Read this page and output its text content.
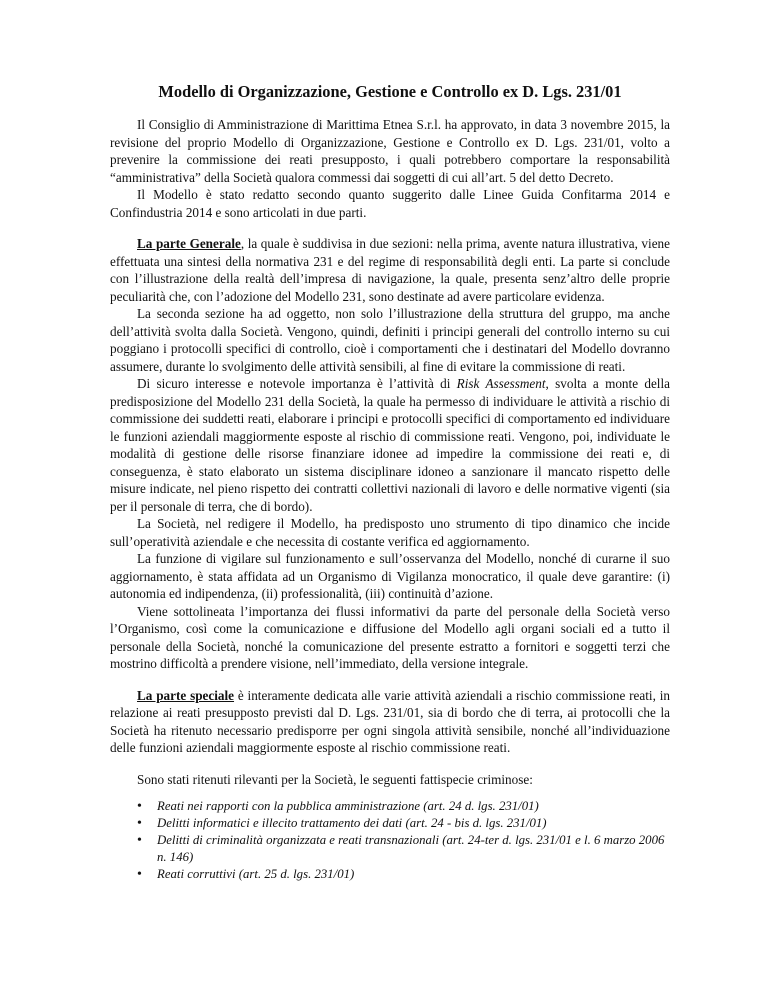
Modello di Organizzazione, Gestione e Controllo ex D. Lgs. 231/01

Il Consiglio di Amministrazione di Marittima Etnea S.r.l. ha approvato, in data 3 novembre 2015, la revisione del proprio Modello di Organizzazione, Gestione e Controllo ex D. Lgs. 231/01, volto a prevenire la commissione dei reati presupposto, i quali potrebbero comportare la responsabilità “amministrativa” della Società qualora commessi dai soggetti di cui all’art. 5 del detto Decreto.

Il Modello è stato redatto secondo quanto suggerito dalle Linee Guida Confitarma 2014 e Confindustria 2014 e sono articolati in due parti.

La parte Generale, la quale è suddivisa in due sezioni: nella prima, avente natura illustrativa, viene effettuata una sintesi della normativa 231 e del regime di responsabilità degli enti. La parte si conclude con l’illustrazione della realtà dell’impresa di navigazione, la quale, presenta senz’altro delle proprie peculiarità che, con l’adozione del Modello 231, sono destinate ad avere particolare evidenza.

La seconda sezione ha ad oggetto, non solo l’illustrazione della struttura del gruppo, ma anche dell’attività svolta dalla Società. Vengono, quindi, definiti i principi generali del controllo interno su cui poggiano i protocolli specifici di controllo, cioè i comportamenti che i destinatari del Modello dovranno assumere, durante lo svolgimento delle attività sensibili, al fine di evitare la commissione di reati.

Di sicuro interesse e notevole importanza è l’attività di Risk Assessment, svolta a monte della predisposizione del Modello 231 della Società, la quale ha permesso di individuare le attività a rischio di commissione dei suddetti reati, elaborare i principi e protocolli specifici di comportamento ed individuare le funzioni aziendali maggiormente esposte al rischio di commissione reati. Vengono, poi, individuate le modalità di gestione delle risorse finanziare idonee ad impedire la commissione dei reati e, di conseguenza, è stato elaborato un sistema disciplinare idoneo a sanzionare il mancato rispetto delle misure indicate, nel pieno rispetto dei contratti collettivi nazionali di lavoro e delle normative vigenti (sia per il personale di terra, che di bordo).

La Società, nel redigere il Modello, ha predisposto uno strumento di tipo dinamico che incide sull’operatività aziendale e che necessita di costante verifica ed aggiornamento.

La funzione di vigilare sul funzionamento e sull’osservanza del Modello, nonché di curarne il suo aggiornamento, è stata affidata ad un Organismo di Vigilanza monocratico, il quale deve garantire: (i) autonomia ed indipendenza, (ii) professionalità, (iii) continuità d’azione.

Viene sottolineata l’importanza dei flussi informativi da parte del personale della Società verso l’Organismo, così come la comunicazione e diffusione del Modello agli organi sociali ed a tutto il personale della Società, nonché la comunicazione del presente estratto a fornitori e soggetti terzi che mostrino difficoltà a prendere visione, nell’immediato, della versione integrale.

La parte speciale è interamente dedicata alle varie attività aziendali a rischio commissione reati, in relazione ai reati presupposto previsti dal D. Lgs. 231/01, sia di bordo che di terra, ai protocolli che la Società ha ritenuto necessario predisporre per ogni singola attività sensibile, nonché all’individuazione delle funzioni aziendali maggiormente esposte al rischio commissione reati.

Sono stati ritenuti rilevanti per la Società, le seguenti fattispecie criminose:

• Reati nei rapporti con la pubblica amministrazione (art. 24 d. lgs. 231/01)
• Delitti informatici e illecito trattamento dei dati (art. 24 - bis d. lgs. 231/01)
• Delitti di criminalità organizzata e reati transnazionali (art. 24-ter d. lgs. 231/01 e l. 6 marzo 2006 n. 146)
• Reati corruttivi (art. 25 d. lgs. 231/01)
